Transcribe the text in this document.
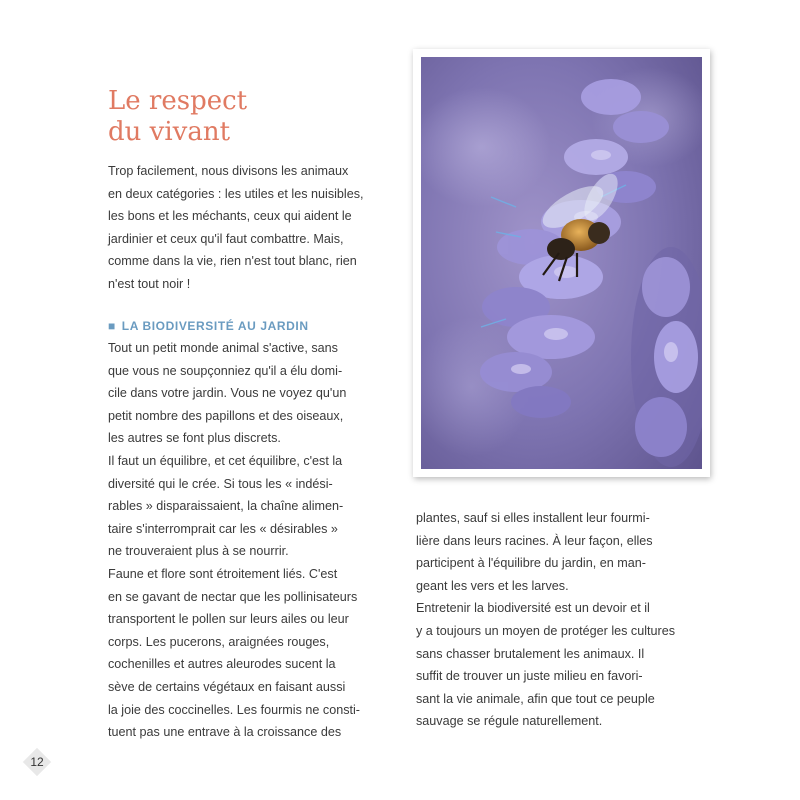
Le respect
du vivant

Trop facilement, nous divisons les animaux
en deux catégories : les utiles et les nuisibles,
les bons et les méchants, ceux qui aident le
jardinier et ceux qu'il faut combattre. Mais,
comme dans la vie, rien n'est tout blanc, rien
n'est tout noir !

■ LA BIODIVERSITÉ AU JARDIN

Tout un petit monde animal s'active, sans
que vous ne soupçonniez qu'il a élu domi-
cile dans votre jardin. Vous ne voyez qu'un
petit nombre des papillons et des oiseaux,
les autres se font plus discrets.
Il faut un équilibre, et cet équilibre, c'est la
diversité qui le crée. Si tous les « indési-
rables » disparaissaient, la chaîne alimen-
taire s'interromprait car les « désirables »
ne trouveraient plus à se nourrir.
Faune et flore sont étroitement liés. C'est
en se gavant de nectar que les pollinisateurs
transportent le pollen sur leurs ailes ou leur
corps. Les pucerons, araignées rouges,
cochenilles et autres aleurodes sucent la
sève de certains végétaux en faisant aussi
la joie des coccinelles. Les fourmis ne consti-
tuent pas une entrave à la croissance des

plantes, sauf si elles installent leur fourmi-
lière dans leurs racines. À leur façon, elles
participent à l'équilibre du jardin, en man-
geant les vers et les larves.
Entretenir la biodiversité est un devoir et il
y a toujours un moyen de protéger les cultures
sans chasser brutalement les animaux. Il
suffit de trouver un juste milieu en favori-
sant la vie animale, afin que tout ce peuple
sauvage se régule naturellement.

12
